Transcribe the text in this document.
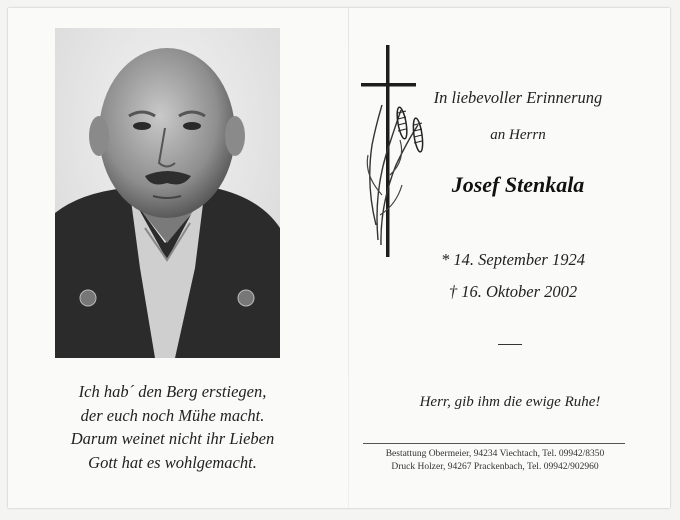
Ich hab´ den Berg erstiegen,
der euch noch Mühe macht.
Darum weinet nicht ihr Lieben
Gott hat es wohlgemacht.
In liebevoller Erinnerung
an Herrn
Josef Stenkala
* 14. September 1924
† 16. Oktober 2002
Herr, gib ihm die ewige Ruhe!
Bestattung Obermeier, 94234 Viechtach, Tel. 09942/8350
Druck Holzer, 94267 Prackenbach, Tel. 09942/902960
